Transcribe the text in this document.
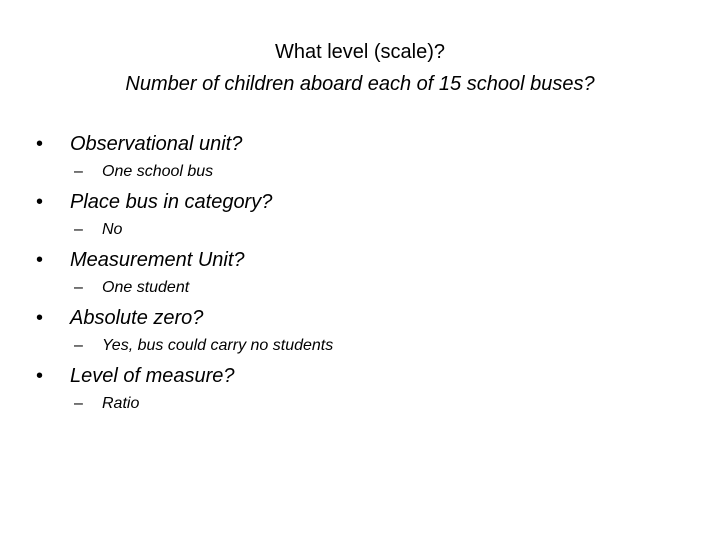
What level (scale)?
Number of children aboard each of 15 school buses?
• Observational unit?
– One school bus
• Place bus in category?
– No
• Measurement Unit?
– One student
• Absolute zero?
– Yes, bus could carry no students
• Level of measure?
– Ratio
